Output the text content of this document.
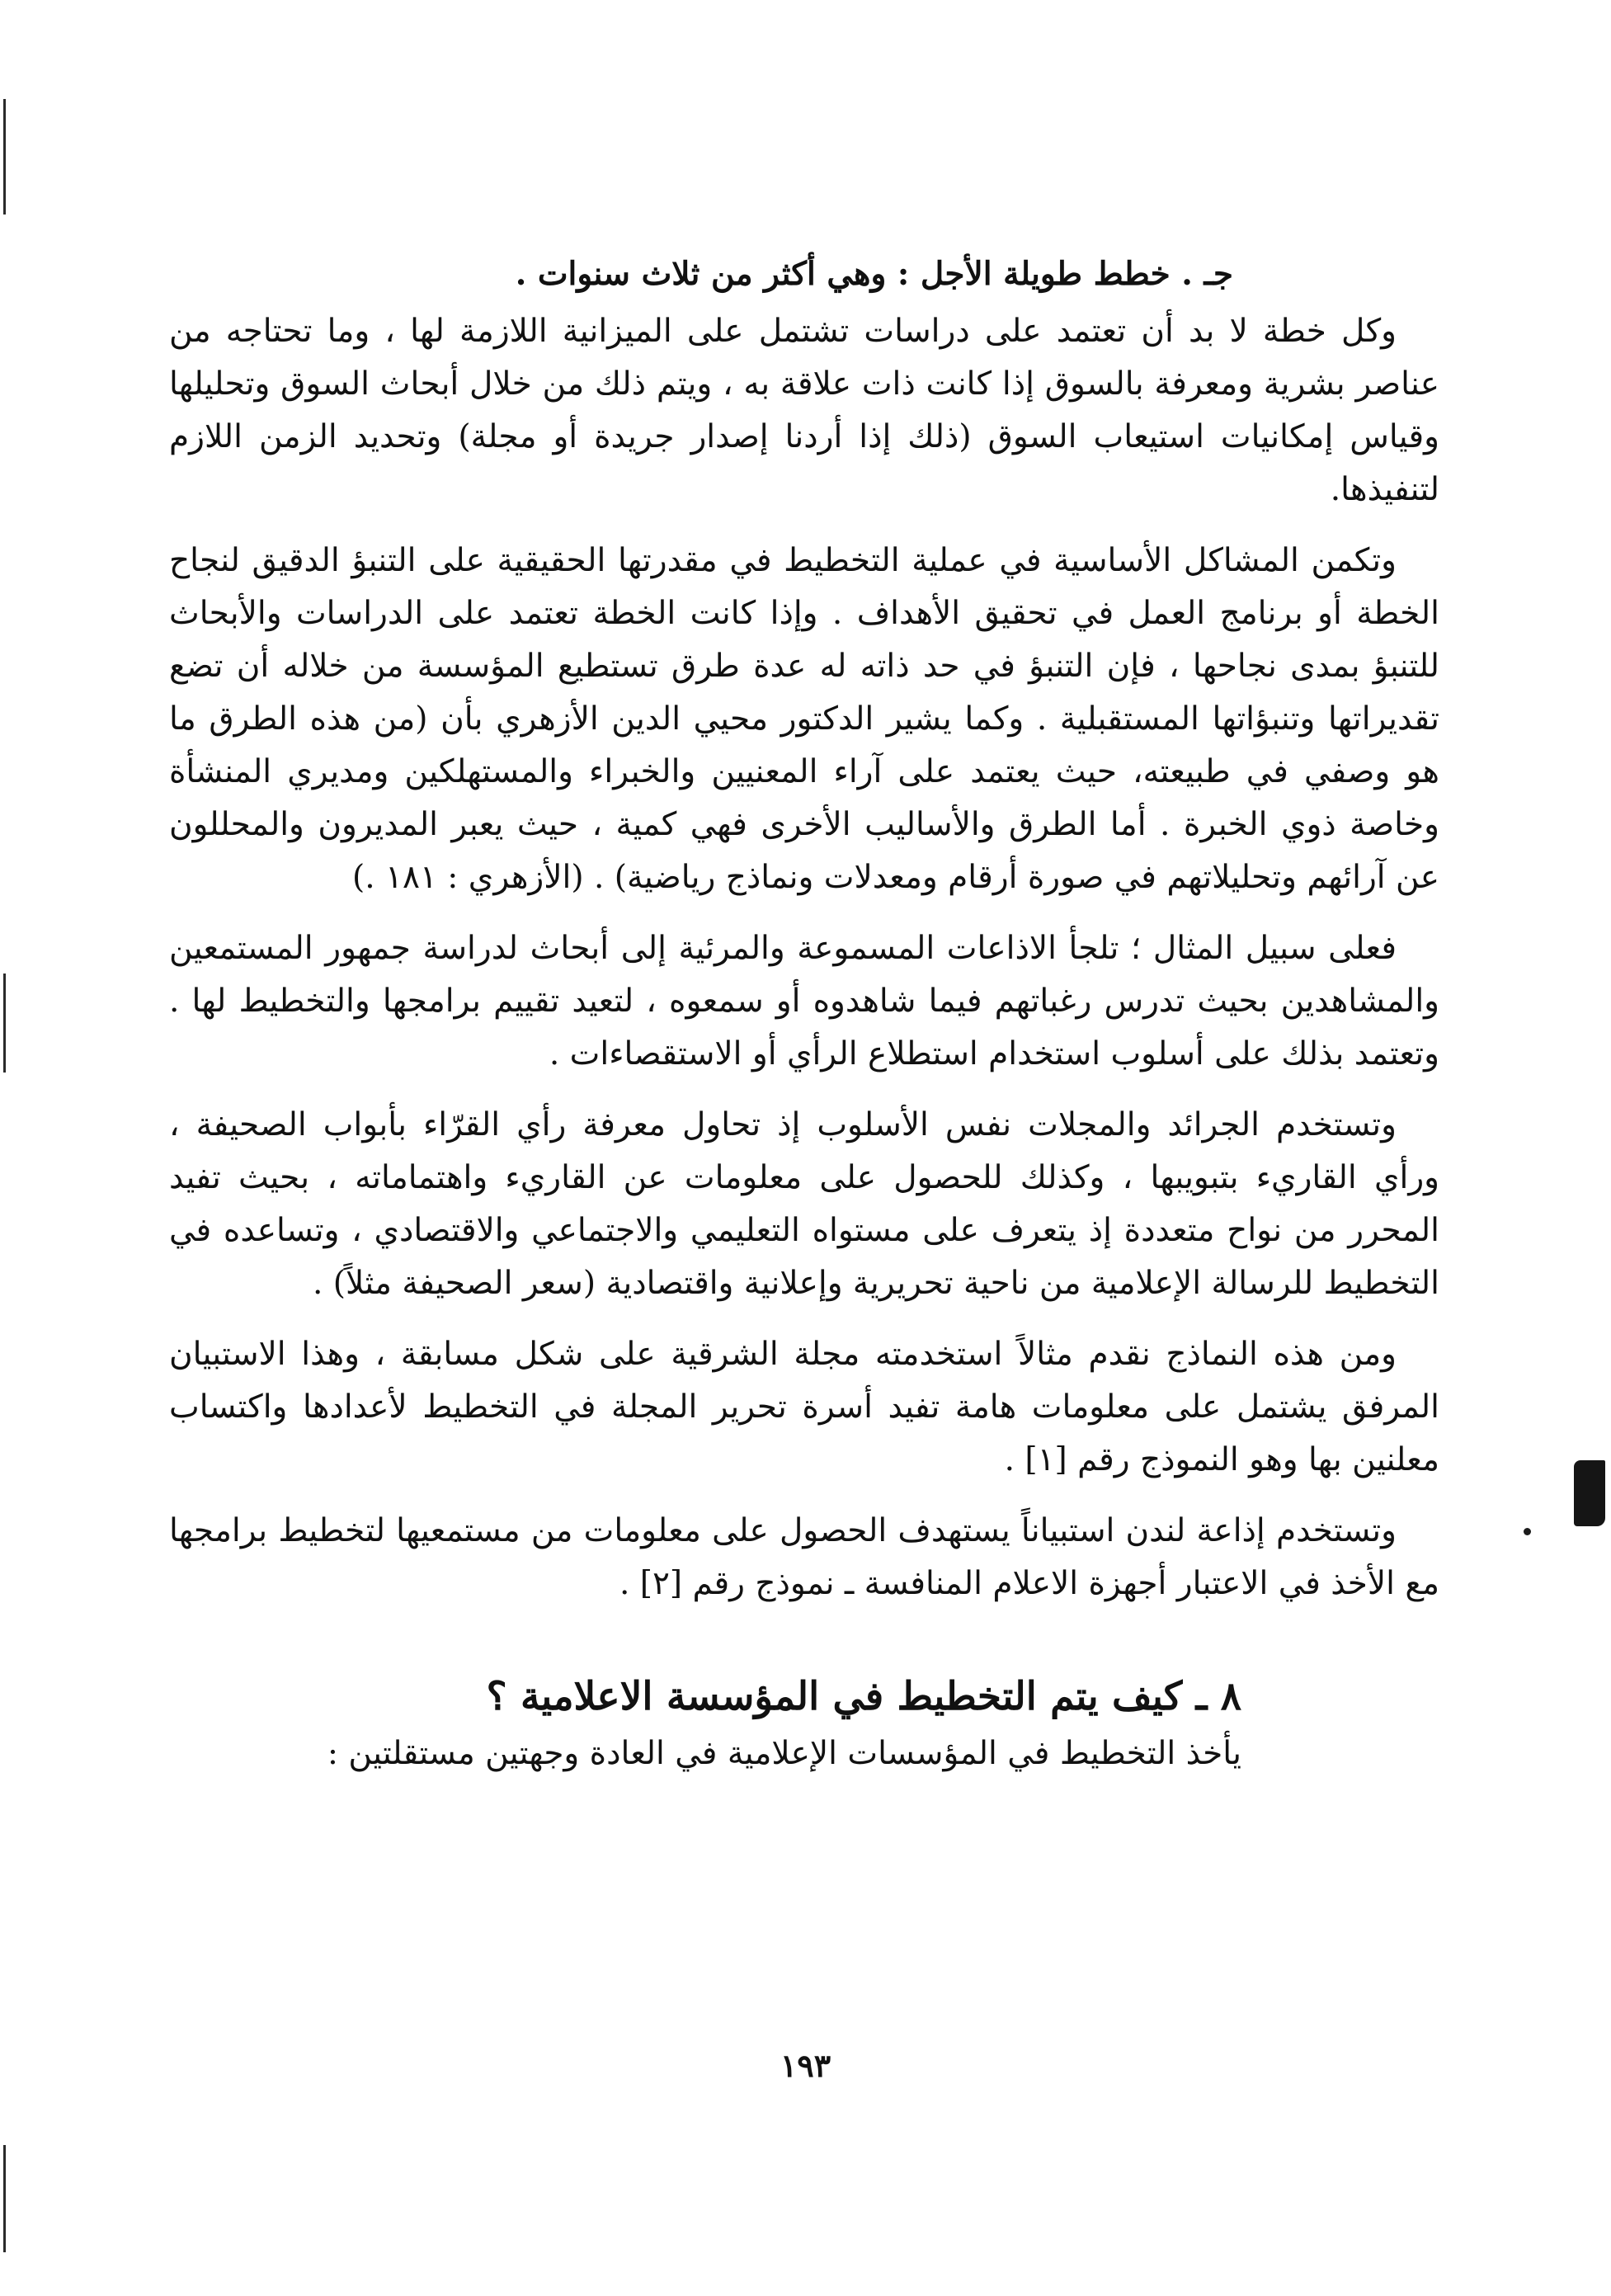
جـ . خطط طويلة الأجل : وهي أكثر من ثلاث سنوات .

وكل خطة لا بد أن تعتمد على دراسات تشتمل على الميزانية اللازمة لها ، وما تحتاجه من عناصر بشرية ومعرفة بالسوق إذا كانت ذات علاقة به ، ويتم ذلك من خلال أبحاث السوق وتحليلها وقياس إمكانيات استيعاب السوق (ذلك إذا أردنا إصدار جريدة أو مجلة) وتحديد الزمن اللازم لتنفيذها.

وتكمن المشاكل الأساسية في عملية التخطيط في مقدرتها الحقيقية على التنبؤ الدقيق لنجاح الخطة أو برنامج العمل في تحقيق الأهداف . وإذا كانت الخطة تعتمد على الدراسات والأبحاث للتنبؤ بمدى نجاحها ، فإن التنبؤ في حد ذاته له عدة طرق تستطيع المؤسسة من خلاله أن تضع تقديراتها وتنبؤاتها المستقبلية . وكما يشير الدكتور محيي الدين الأزهري بأن (من هذه الطرق ما هو وصفي في طبيعته، حيث يعتمد على آراء المعنيين والخبراء والمستهلكين ومديري المنشأة وخاصة ذوي الخبرة . أما الطرق والأساليب الأخرى فهي كمية ، حيث يعبر المديرون والمحللون عن آرائهم وتحليلاتهم في صورة أرقام ومعدلات ونماذج رياضية) . (الأزهري : ١٨١ .)

فعلى سبيل المثال ؛ تلجأ الاذاعات المسموعة والمرئية إلى أبحاث لدراسة جمهور المستمعين والمشاهدين بحيث تدرس رغباتهم فيما شاهدوه أو سمعوه ، لتعيد تقييم برامجها والتخطيط لها . وتعتمد بذلك على أسلوب استخدام استطلاع الرأي أو الاستقصاءات .

وتستخدم الجرائد والمجلات نفس الأسلوب إذ تحاول معرفة رأي القرّاء بأبواب الصحيفة ، ورأي القاريء بتبويبها ، وكذلك للحصول على معلومات عن القاريء واهتماماته ، بحيث تفيد المحرر من نواح متعددة إذ يتعرف على مستواه التعليمي والاجتماعي والاقتصادي ، وتساعده في التخطيط للرسالة الإعلامية من ناحية تحريرية وإعلانية واقتصادية (سعر الصحيفة مثلاً) .

ومن هذه النماذج نقدم مثالاً استخدمته مجلة الشرقية على شكل مسابقة ، وهذا الاستبيان المرفق يشتمل على معلومات هامة تفيد أسرة تحرير المجلة في التخطيط لأعدادها واكتساب معلنين بها وهو النموذج رقم [١] .

وتستخدم إذاعة لندن استبياناً يستهدف الحصول على معلومات من مستمعيها لتخطيط برامجها مع الأخذ في الاعتبار أجهزة الاعلام المنافسة ـ نموذج رقم [٢] .

٨ ـ كيف يتم التخطيط في المؤسسة الاعلامية ؟

يأخذ التخطيط في المؤسسات الإعلامية في العادة وجهتين مستقلتين :

١٩٣
